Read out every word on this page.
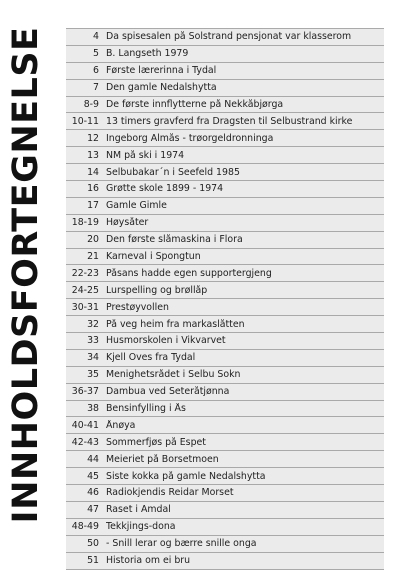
INNHOLDSFORTEGNELSE	4 Da spisesalen på Solstrand pensjonat var klasserom
5 B. Langseth 1979
6 Første lærerinna i Tydal
7 Den gamle Nedalshytta
8-9 De første innflytterne på Nekkåbjørga
10-11 13 timers gravferd fra Dragsten til Selbustrand kirke
12 Ingeborg Almås - trøorgeldronninga
13 NM på ski i 1974
14 Selbubakar´n i Seefeld 1985
16 Grøtte skole 1899 - 1974
17 Gamle Gimle
18-19 Høysåter
20 Den første slåmaskina i Flora
21 Karneval i Spongtun
22-23 Påsans hadde egen supportergjeng
24-25 Lurspelling og brøllåp
30-31 Prestøyvollen
32 På veg heim fra markaslåtten
33 Husmorskolen i Vikvarvet
34 Kjell Oves fra Tydal
35 Menighetsrådet i Selbu Sokn
36-37 Dambua ved Seteråtjønna
38 Bensinfylling i Ås
40-41 Ånøya
42-43 Sommerfjøs på Espet
44 Meieriet på Borsetmoen
45 Siste kokka på gamle Nedalshytta
46 Radiokjendis Reidar Morset
47 Raset i Amdal
48-49 Tekkjings-dona
50 - Snill lerar og bærre snille onga
51 Historia om ei bru
